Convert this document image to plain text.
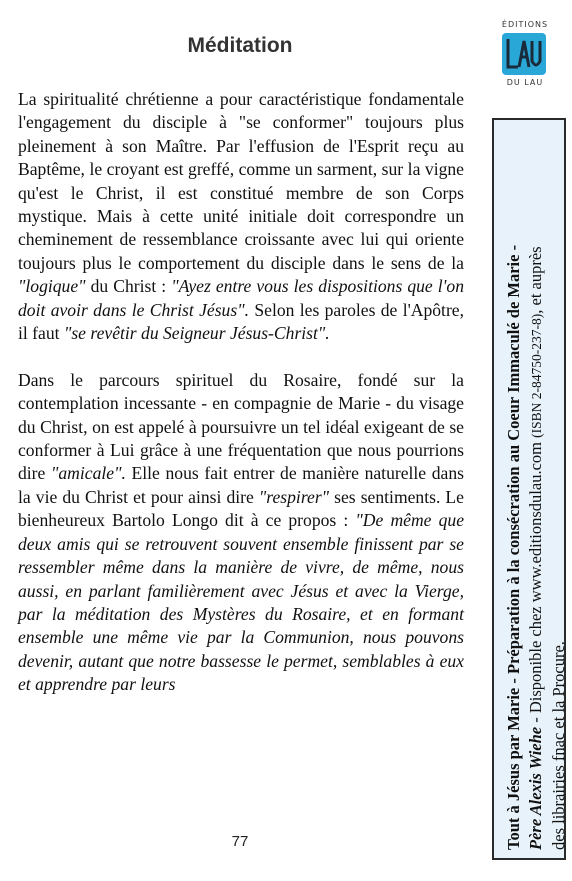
Méditation
ÉDITIONS
DU LAU

La spiritualité chrétienne a pour caractéristique fondamentale l'engagement du disciple à "se conformer" toujours plus pleinement à son Maître. Par l'effusion de l'Esprit reçu au Baptême, le croyant est greffé, comme un sarment, sur la vigne qu'est le Christ, il est constitué membre de son Corps mystique. Mais à cette unité initiale doit correspondre un cheminement de ressemblance croissante avec lui qui oriente toujours plus le comportement du disciple dans le sens de la "logique" du Christ : "Ayez entre vous les dispositions que l'on doit avoir dans le Christ Jésus". Selon les paroles de l'Apôtre, il faut "se revêtir du Seigneur Jésus-Christ".

Dans le parcours spirituel du Rosaire, fondé sur la contemplation incessante - en compagnie de Marie - du visage du Christ, on est appelé à poursuivre un tel idéal exigeant de se conformer à Lui grâce à une fréquentation que nous pourrions dire "amicale". Elle nous fait entrer de manière naturelle dans la vie du Christ et pour ainsi dire "respirer" ses sentiments. Le bienheureux Bartolo Longo dit à ce propos : "De même que deux amis qui se retrouvent souvent ensemble finissent par se ressembler même dans la manière de vivre, de même, nous aussi, en parlant familièrement avec Jésus et avec la Vierge, par la méditation des Mystères du Rosaire, et en formant ensemble une même vie par la Communion, nous pouvons devenir, autant que notre bassesse le permet, semblables à eux et apprendre par leurs

77	Tout à Jésus par Marie - Préparation à la consécration au Coeur Immaculé de Marie - Père Alexis Wiehe - Disponible chez www.editionsdulau.com (ISBN 2-84750-237-8), et auprès
des librairies fnac et la Procure.
